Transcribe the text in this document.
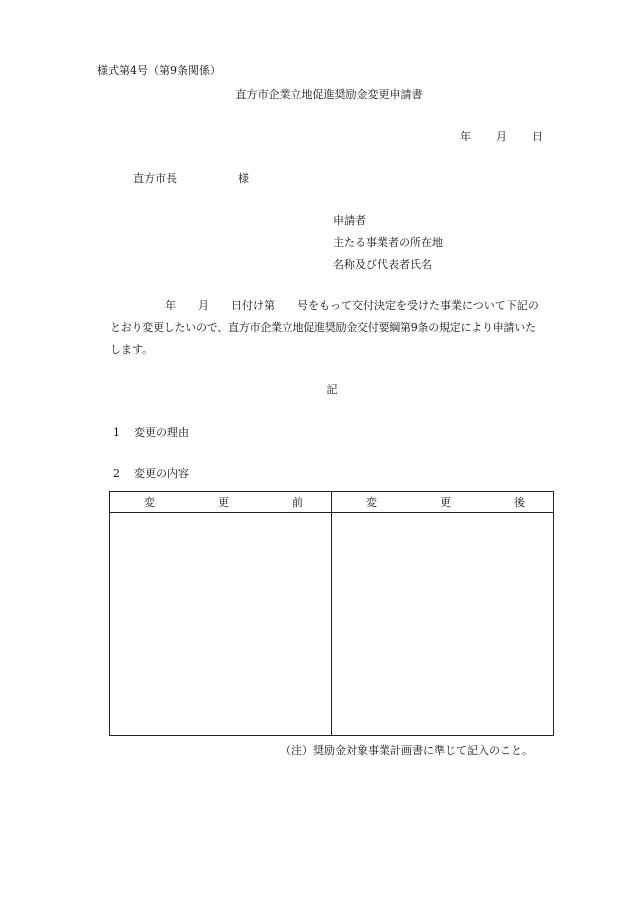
様式第4号（第9条関係）
直方市企業立地促進奨励金変更申請書
年 月 日
直方市長	様
申請者
主たる事業者の所在地
名称及び代表者氏名
　　　　　年　　月　　日付け第　　号をもって交付決定を受けた事業について下記の
とおり変更したいので、直方市企業立地促進奨励金交付要綱第9条の規定により申請いた
します。
記
1 変更の理由
2 変更の内容
変 更 前	変 更 後

（注）奨励金対象事業計画書に準じて記入のこと。
